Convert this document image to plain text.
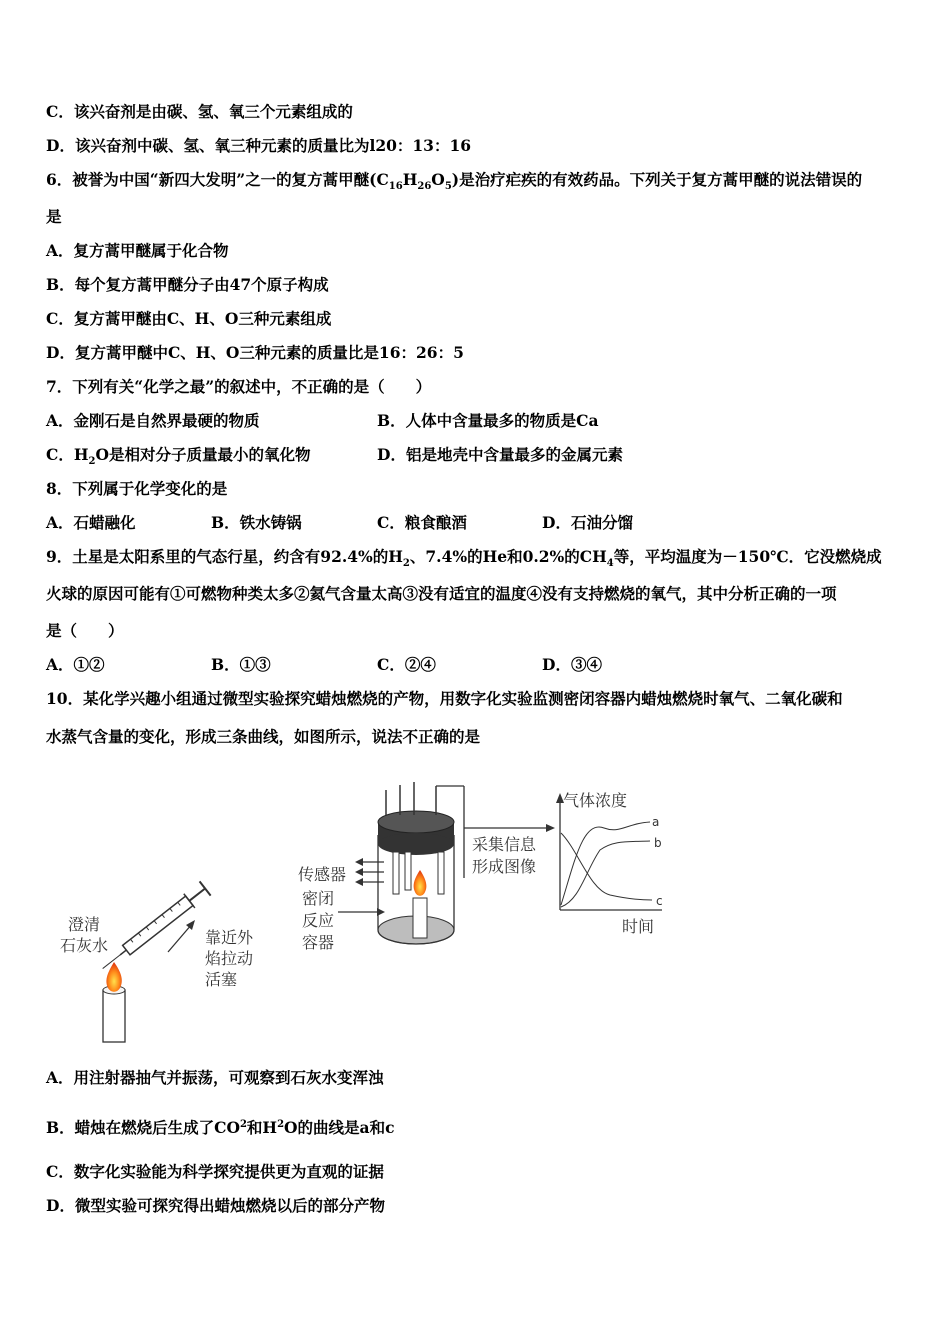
C．该兴奋剂是由碳、氢、氧三个元素组成的
D．该兴奋剂中碳、氢、氧三种元素的质量比为l20：13：16
6．被誉为中国“新四大发明”之一的复方蒿甲醚$(C_{16}H_{26}O_5)$是治疗疟疾的有效药品。下列关于复方蒿甲醚的说法错误的
是
A．复方蒿甲醚属于化合物
B．每个复方蒿甲醚分子由47个原子构成
C．复方蒿甲醚由C、H、O三种元素组成
D．复方蒿甲醚中C、H、O三种元素的质量比是16：26：5
7．下列有关“化学之最”的叙述中，不正确的是（　　）
A．金刚石是自然界最硬的物质	B．人体中含量最多的物质是Ca
C．$H_2O$是相对分子质量最小的氧化物	D．铝是地壳中含量最多的金属元素
8．下列属于化学变化的是
A．石蜡融化	B．铁水铸锅	C．粮食酿酒	D．石油分馏
9．土星是太阳系里的气态行星，约含有92.4%的$H_2$、7.4%的He和0.2%的$CH_4$等，平均温度为－150℃．它没燃烧成
火球的原因可能有①可燃物种类太多②氦气含量太高③没有适宜的温度④没有支持燃烧的氧气，其中分析正确的一项
是（　　）
A．①②	B．①③	C．②④	D．③④
10．某化学兴趣小组通过微型实验探究蜡烛燃烧的产物，用数字化实验监测密闭容器内蜡烛燃烧时氧气、二氧化碳和
水蒸气含量的变化，形成三条曲线，如图所示，说法不正确的是
澄清
石灰水	靠近外
焰拉动
活塞
传感器
密闭
反应
容器
采集信息
形成图像
气体浓度
时间
a
b
c
A．用注射器抽气并振荡，可观察到石灰水变浑浊
B．蜡烛在燃烧后生成了$CO^2$和$H^2O$的曲线是a和c
C．数字化实验能为科学探究提供更为直观的证据
D．微型实验可探究得出蜡烛燃烧以后的部分产物
